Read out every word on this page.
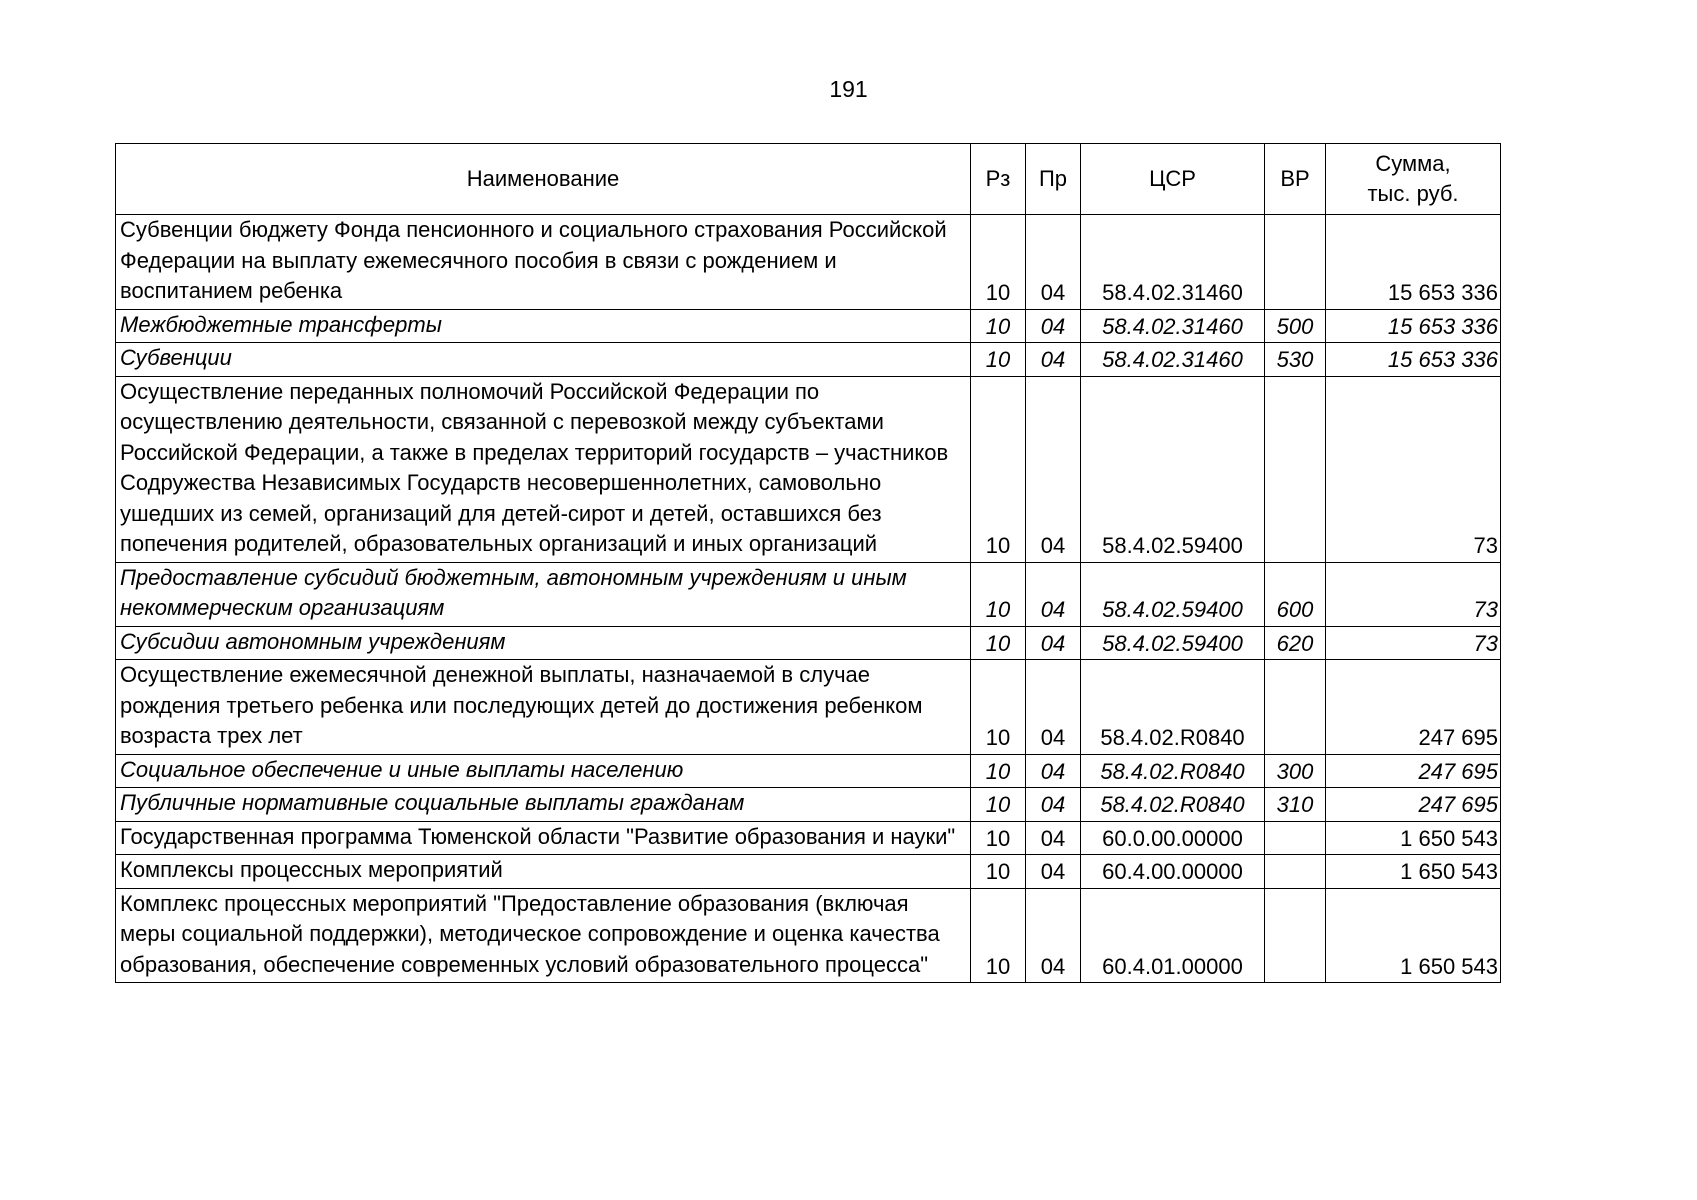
191
Наименование	Рз	Пр	ЦСР	ВР	Сумма,
тыс. руб.
Субвенции бюджету Фонда пенсионного и социального страхования Российской Федерации на выплату ежемесячного пособия в связи с рождением и воспитанием ребенка	10	04	58.4.02.31460		15 653 336
Межбюджетные трансферты	10	04	58.4.02.31460	500	15 653 336
Субвенции	10	04	58.4.02.31460	530	15 653 336
Осуществление переданных полномочий Российской Федерации по осуществлению деятельности, связанной с перевозкой между субъектами Российской Федерации, а также в пределах территорий государств – участников Содружества Независимых Государств несовершеннолетних, самовольно ушедших из семей, организаций для детей-сирот и детей, оставшихся без попечения родителей, образовательных организаций и иных организаций	10	04	58.4.02.59400		73
Предоставление субсидий бюджетным, автономным учреждениям и иным некоммерческим организациям	10	04	58.4.02.59400	600	73
Субсидии автономным учреждениям	10	04	58.4.02.59400	620	73
Осуществление ежемесячной денежной выплаты, назначаемой в случае рождения третьего ребенка или последующих детей до достижения ребенком возраста трех лет	10	04	58.4.02.R0840		247 695
Социальное обеспечение и иные выплаты населению	10	04	58.4.02.R0840	300	247 695
Публичные нормативные социальные выплаты гражданам	10	04	58.4.02.R0840	310	247 695
Государственная программа Тюменской области "Развитие образования и науки"	10	04	60.0.00.00000		1 650 543
Комплексы процессных мероприятий	10	04	60.4.00.00000		1 650 543
Комплекс процессных мероприятий "Предоставление образования (включая меры социальной поддержки), методическое сопровождение и оценка качества образования, обеспечение современных условий образовательного процесса"	10	04	60.4.01.00000		1 650 543
